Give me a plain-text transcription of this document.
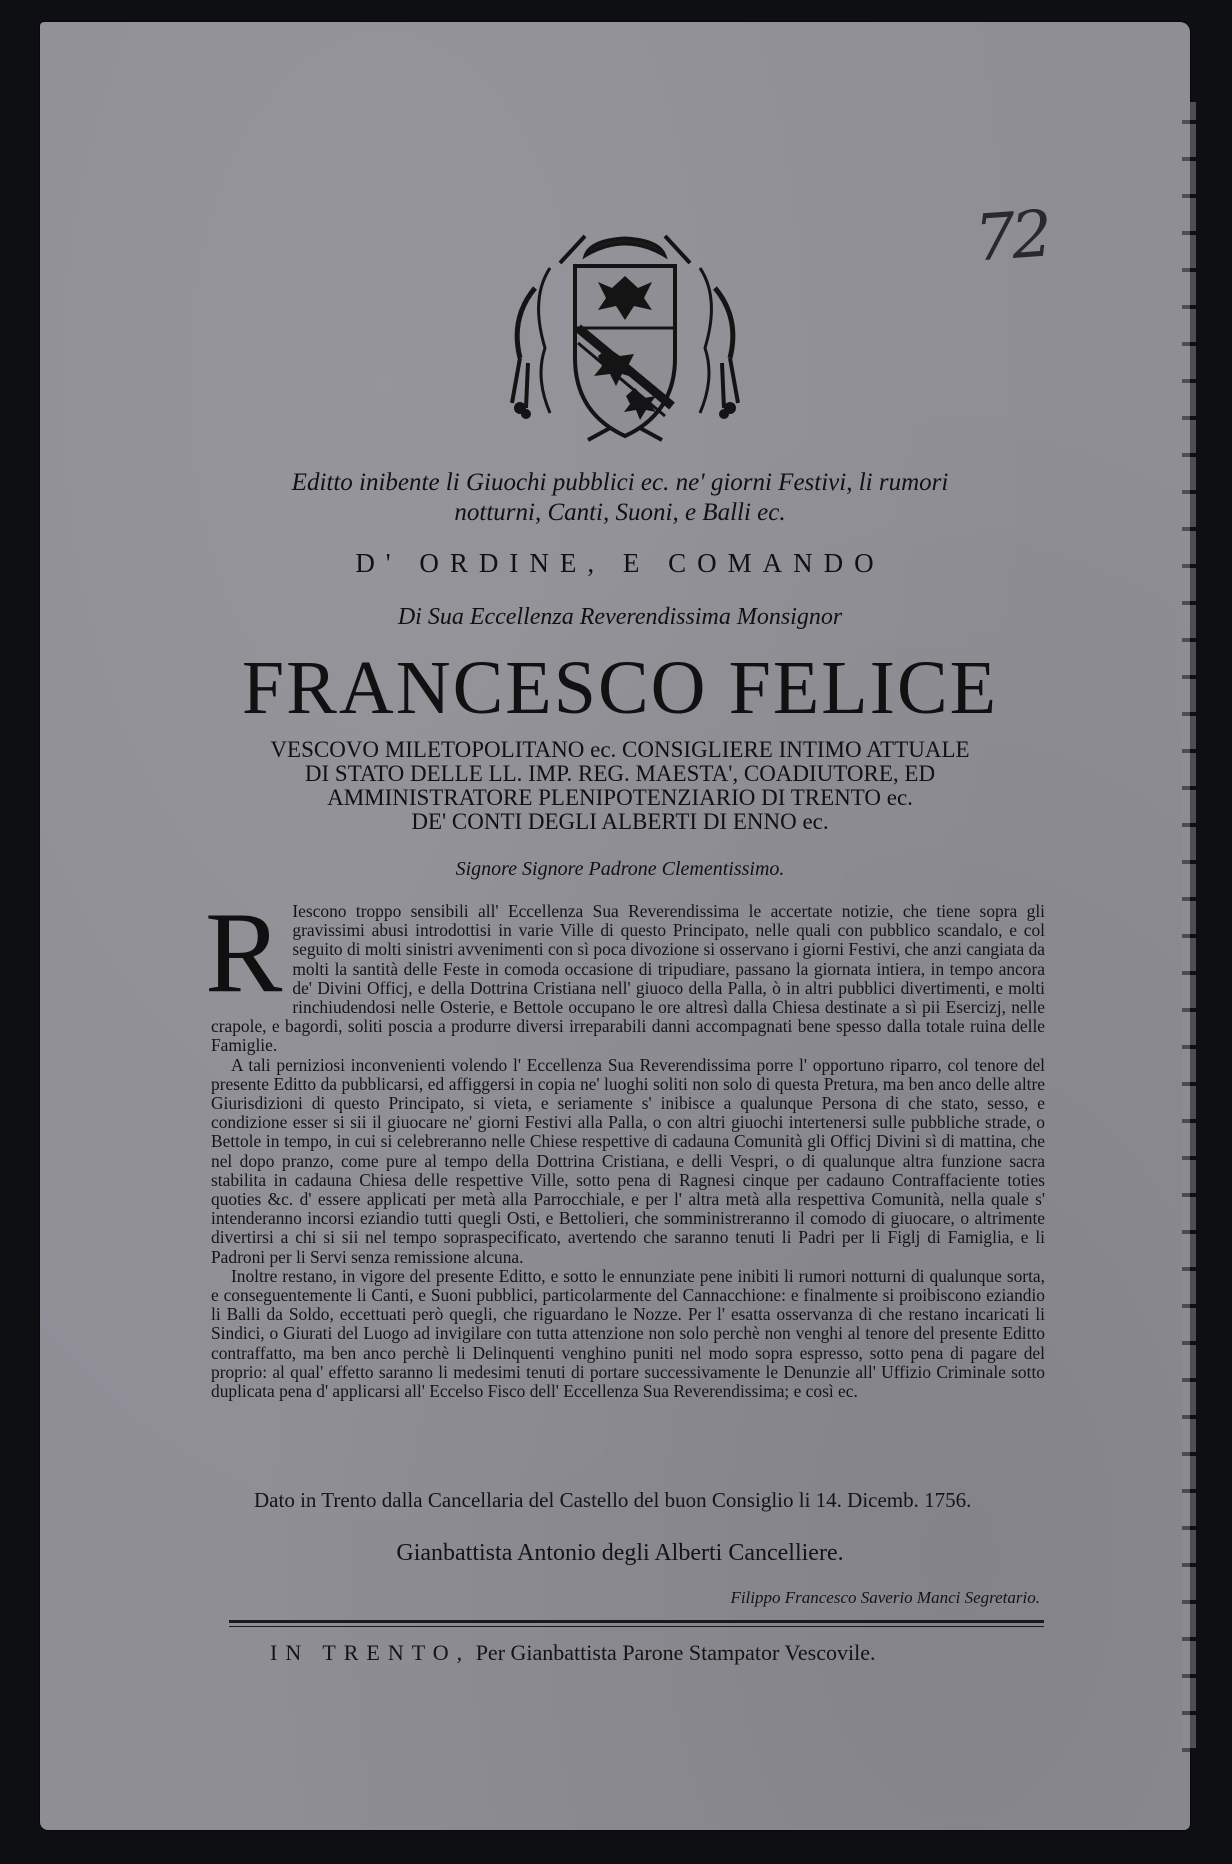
72
Editto inibente li Giuochi pubblici ec. ne' giorni Festivi, li rumori
notturni, Canti, Suoni, e Balli ec.
D' ORDINE, E COMANDO
Di Sua Eccellenza Reverendissima Monsignor
FRANCESCO FELICE
VESCOVO MILETOPOLITANO ec. CONSIGLIERE INTIMO ATTUALE
DI STATO DELLE LL. IMP. REG. MAESTA', COADIUTORE, ED
AMMINISTRATORE PLENIPOTENZIARIO DI TRENTO ec.
DE' CONTI DEGLI ALBERTI DI ENNO ec.
Signore Signore Padrone Clementissimo.

R Iescono troppo sensibili all' Eccellenza Sua Reverendissima le accertate notizie, che tiene sopra gli gravissimi abusi introdottisi in varie Ville di questo Principato, nelle quali con pubblico scandalo, e col seguito di molti sinistri avvenimenti con sì poca divozione si osservano i giorni Festivi, che anzi cangiata da molti la santità delle Feste in comoda occasione di tripudiare, passano la giornata intiera, in tempo ancora de' Divini Officj, e della Dottrina Cristiana nell' giuoco della Palla, ò in altri pubblici divertimenti, e molti rinchiudendosi nelle Osterie, e Bettole occupano le ore altresì dalla Chiesa destinate a sì pii Esercizj, nelle crapole, e bagordi, soliti poscia a produrre diversi irreparabili danni accompagnati bene spesso dalla totale ruina delle Famiglie.

A tali perniziosi inconvenienti volendo l' Eccellenza Sua Reverendissima porre l' opportuno riparro, col tenore del presente Editto da pubblicarsi, ed affiggersi in copia ne' luoghi soliti non solo di questa Pretura, ma ben anco delle altre Giurisdizioni di questo Principato, si vieta, e seriamente s' inibisce a qualunque Persona di che stato, sesso, e condizione esser si sii il giuocare ne' giorni Festivi alla Palla, o con altri giuochi intertenersi sulle pubbliche strade, o Bettole in tempo, in cui si celebreranno nelle Chiese respettive di cadauna Comunità gli Officj Divini sì di mattina, che nel dopo pranzo, come pure al tempo della Dottrina Cristiana, e delli Vespri, o di qualunque altra funzione sacra stabilita in cadauna Chiesa delle respettive Ville, sotto pena di Ragnesi cinque per cadauno Contraffaciente toties quoties &c. d' essere applicati per metà alla Parrocchiale, e per l' altra metà alla respettiva Comunità, nella quale s' intenderanno incorsi eziandio tutti quegli Osti, e Bettolieri, che somministreranno il comodo di giuocare, o altrimente divertirsi a chi si sii nel tempo sopraspecificato, avertendo che saranno tenuti li Padri per li Figlj di Famiglia, e li Padroni per li Servi senza remissione alcuna.

Inoltre restano, in vigore del presente Editto, e sotto le ennunziate pene inibiti li rumori notturni di qualunque sorta, e conseguentemente li Canti, e Suoni pubblici, particolarmente del Cannacchione: e finalmente si proibiscono eziandio li Balli da Soldo, eccettuati però quegli, che riguardano le Nozze. Per l' esatta osservanza di che restano incaricati li Sindici, o Giurati del Luogo ad invigilare con tutta attenzione non solo perchè non venghi al tenore del presente Editto contraffatto, ma ben anco perchè li Delinquenti venghino puniti nel modo sopra espresso, sotto pena di pagare del proprio: al qual' effetto saranno li medesimi tenuti di portare successivamente le Denunzie all' Uffizio Criminale sotto duplicata pena d' applicarsi all' Eccelso Fisco dell' Eccellenza Sua Reverendissima; e così ec.

Dato in Trento dalla Cancellaria del Castello del buon Consiglio li 14. Dicemb. 1756.
Gianbattista Antonio degli Alberti Cancelliere.
Filippo Francesco Saverio Manci Segretario.
IN TRENTO, Per Gianbattista Parone Stampator Vescovile.
